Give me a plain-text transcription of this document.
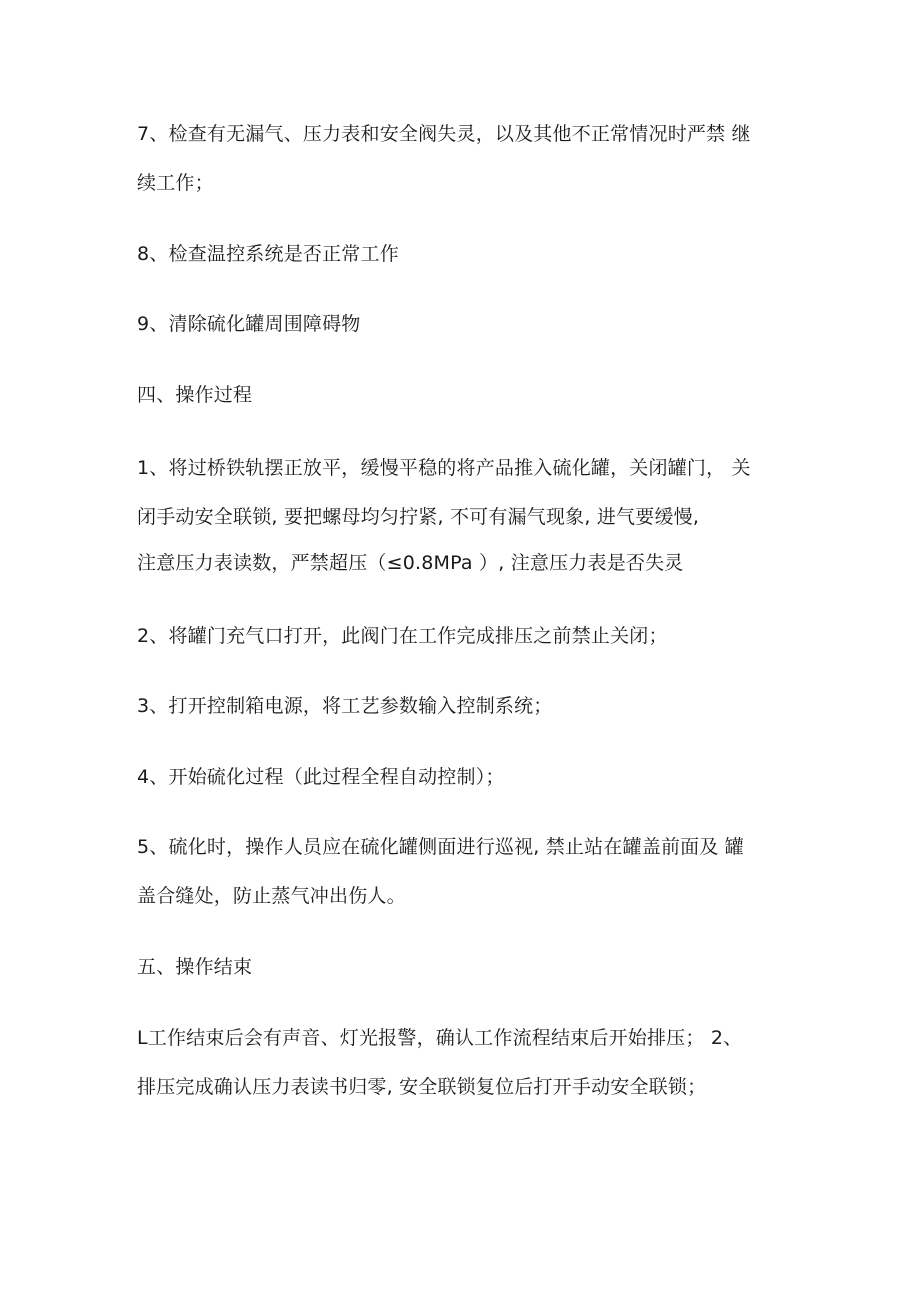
7、检查有无漏气、压力表和安全阀失灵，以及其他不正常情况时严禁 继
续工作；
8、检查温控系统是否正常工作
9、清除硫化罐周围障碍物
四、操作过程
1、将过桥铁轨摆正放平，缓慢平稳的将产品推入硫化罐，关闭罐门， 关
闭手动安全联锁, 要把螺母均匀拧紧, 不可有漏气现象, 进气要缓慢,
注意压力表读数，严禁超压（≤0.8MPa ）, 注意压力表是否失灵
2、将罐门充气口打开，此阀门在工作完成排压之前禁止关闭；
3、打开控制箱电源，将工艺参数输入控制系统；
4、开始硫化过程（此过程全程自动控制）；
5、硫化时，操作人员应在硫化罐侧面进行巡视, 禁止站在罐盖前面及 罐
盖合缝处，防止蒸气冲出伤人。
五、操作结束
L工作结束后会有声音、灯光报警，确认工作流程结束后开始排压； 2、
排压完成确认压力表读书归零, 安全联锁复位后打开手动安全联锁；
